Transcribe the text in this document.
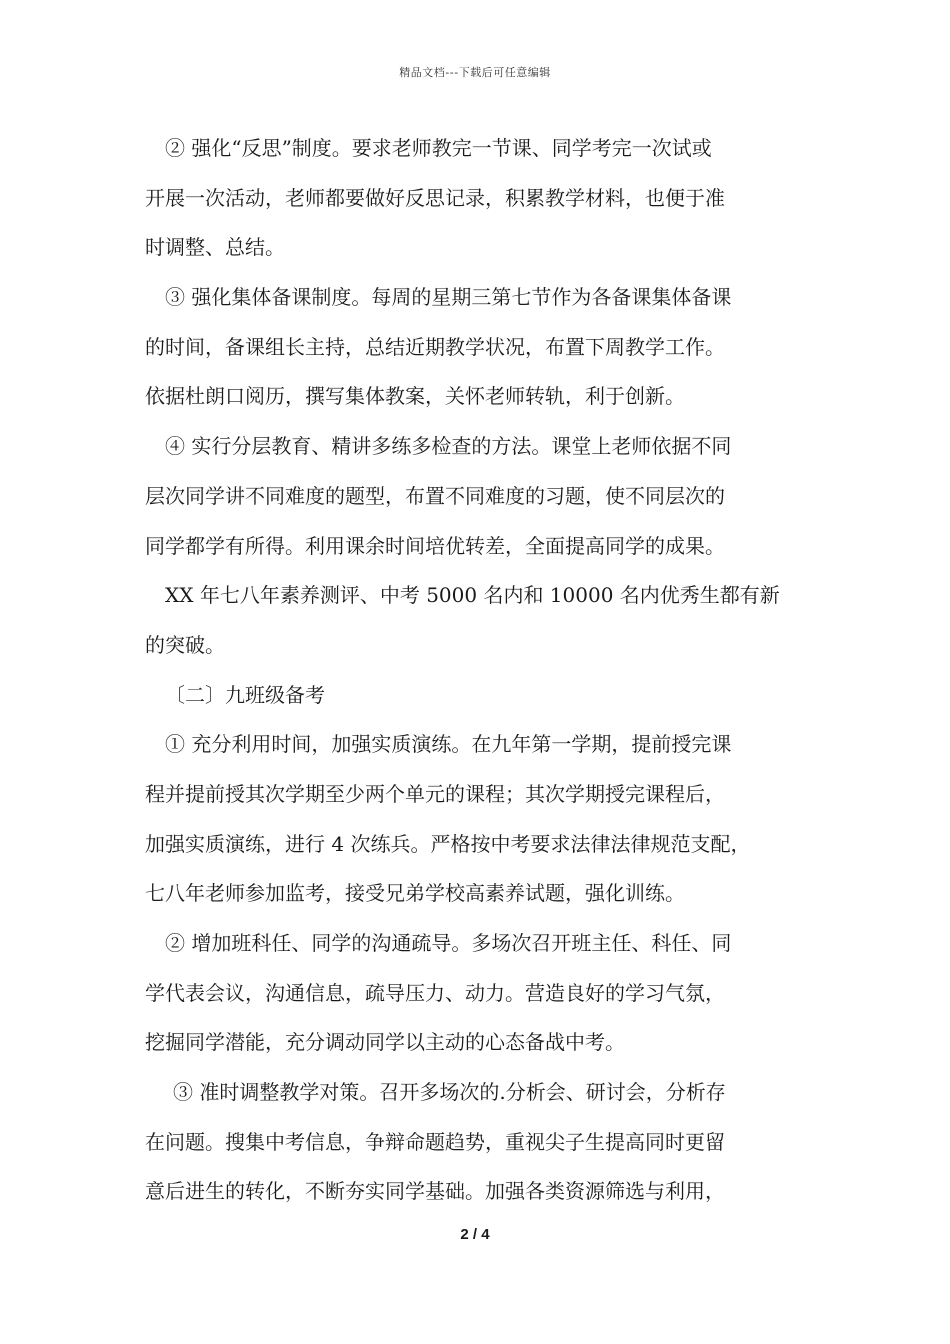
精品文档---下载后可任意编辑
② 强化“反思”制度。要求老师教完一节课、同学考完一次试或
开展一次活动，老师都要做好反思记录，积累教学材料，也便于准
时调整、总结。
③ 强化集体备课制度。每周的星期三第七节作为各备课集体备课
的时间，备课组长主持，总结近期教学状况，布置下周教学工作。
依据杜朗口阅历，撰写集体教案，关怀老师转轨，利于创新。
④ 实行分层教育、精讲多练多检查的方法。课堂上老师依据不同
层次同学讲不同难度的题型，布置不同难度的习题，使不同层次的
同学都学有所得。利用课余时间培优转差，全面提高同学的成果。
XX 年七八年素养测评、中考 5000 名内和 10000 名内优秀生都有新
的突破。
〔二〕九班级备考
① 充分利用时间，加强实质演练。在九年第一学期，提前授完课
程并提前授其次学期至少两个单元的课程；其次学期授完课程后，
加强实质演练，进行 4 次练兵。严格按中考要求法律法律规范支配，
七八年老师参加监考，接受兄弟学校高素养试题，强化训练。
② 增加班科任、同学的沟通疏导。多场次召开班主任、科任、同
学代表会议，沟通信息，疏导压力、动力。营造良好的学习气氛，
挖掘同学潜能，充分调动同学以主动的心态备战中考。
③ 准时调整教学对策。召开多场次的.分析会、研讨会，分析存
在问题。搜集中考信息，争辩命题趋势，重视尖子生提高同时更留
意后进生的转化，不断夯实同学基础。加强各类资源筛选与利用，
2 / 4
